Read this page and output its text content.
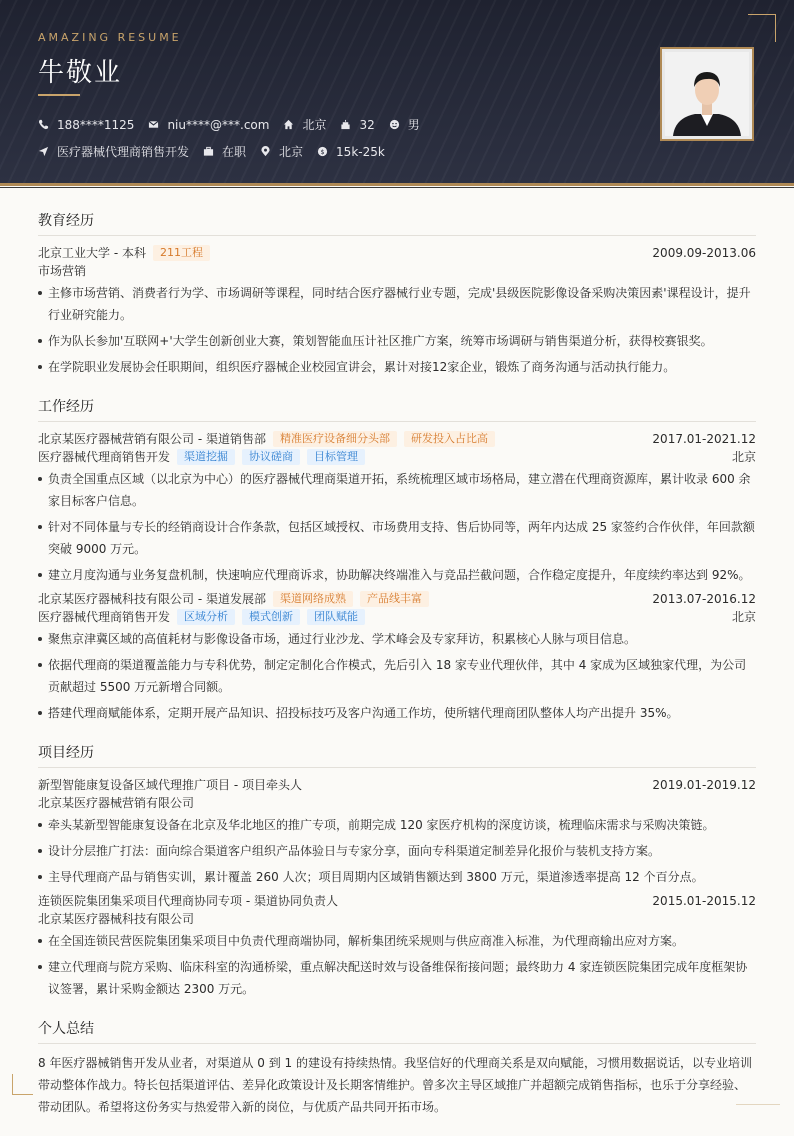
AMAZING RESUME
牛敬业
188****1125	niu****@***.com	北京	32	男
医疗器械代理商销售开发	在职	北京 $ 15k-25k
教育经历
北京工业大学 - 本科	211工程	2009.09-2013.06
市场营销
主修市场营销、消费者行为学、市场调研等课程，同时结合医疗器械行业专题，完成'县级医院影像设备采购决策因素'课程设计，提升行业研究能力。
作为队长参加'互联网+'大学生创新创业大赛，策划智能血压计社区推广方案，统筹市场调研与销售渠道分析，获得校赛银奖。
在学院职业发展协会任职期间，组织医疗器械企业校园宣讲会，累计对接12家企业，锻炼了商务沟通与活动执行能力。
工作经历
北京某医疗器械营销有限公司 - 渠道销售部	精准医疗设备细分头部	研发投入占比高	2017.01-2021.12
医疗器械代理商销售开发	渠道挖掘	协议磋商	目标管理	北京
负责全国重点区域（以北京为中心）的医疗器械代理商渠道开拓，系统梳理区域市场格局，建立潜在代理商资源库，累计收录 600 余家目标客户信息。
针对不同体量与专长的经销商设计合作条款，包括区域授权、市场费用支持、售后协同等，两年内达成 25 家签约合作伙伴，年回款额突破 9000 万元。
建立月度沟通与业务复盘机制，快速响应代理商诉求，协助解决终端准入与竞品拦截问题，合作稳定度提升，年度续约率达到 92%。
北京某医疗器械科技有限公司 - 渠道发展部	渠道网络成熟	产品线丰富	2013.07-2016.12
医疗器械代理商销售开发	区域分析	模式创新	团队赋能	北京
聚焦京津冀区域的高值耗材与影像设备市场，通过行业沙龙、学术峰会及专家拜访，积累核心人脉与项目信息。
依据代理商的渠道覆盖能力与专科优势，制定定制化合作模式，先后引入 18 家专业代理伙伴，其中 4 家成为区域独家代理，为公司贡献超过 5500 万元新增合同额。
搭建代理商赋能体系，定期开展产品知识、招投标技巧及客户沟通工作坊，使所辖代理商团队整体人均产出提升 35%。
项目经历
新型智能康复设备区域代理推广项目 - 项目牵头人	2019.01-2019.12
北京某医疗器械营销有限公司
牵头某新型智能康复设备在北京及华北地区的推广专项，前期完成 120 家医疗机构的深度访谈，梳理临床需求与采购决策链。
设计分层推广打法：面向综合渠道客户组织产品体验日与专家分享，面向专科渠道定制差异化报价与装机支持方案。
主导代理商产品与销售实训，累计覆盖 260 人次；项目周期内区域销售额达到 3800 万元，渠道渗透率提高 12 个百分点。
连锁医院集团集采项目代理商协同专项 - 渠道协同负责人	2015.01-2015.12
北京某医疗器械科技有限公司
在全国连锁民营医院集团集采项目中负责代理商端协同，解析集团统采规则与供应商准入标准，为代理商输出应对方案。
建立代理商与院方采购、临床科室的沟通桥梁，重点解决配送时效与设备维保衔接问题；最终助力 4 家连锁医院集团完成年度框架协议签署，累计采购金额达 2300 万元。
个人总结
8 年医疗器械销售开发从业者，对渠道从 0 到 1 的建设有持续热情。我坚信好的代理商关系是双向赋能，习惯用数据说话，以专业培训带动整体作战力。特长包括渠道评估、差异化政策设计及长期客情维护。曾多次主导区域推广并超额完成销售指标，也乐于分享经验、带动团队。希望将这份务实与热爱带入新的岗位，与优质产品共同开拓市场。
